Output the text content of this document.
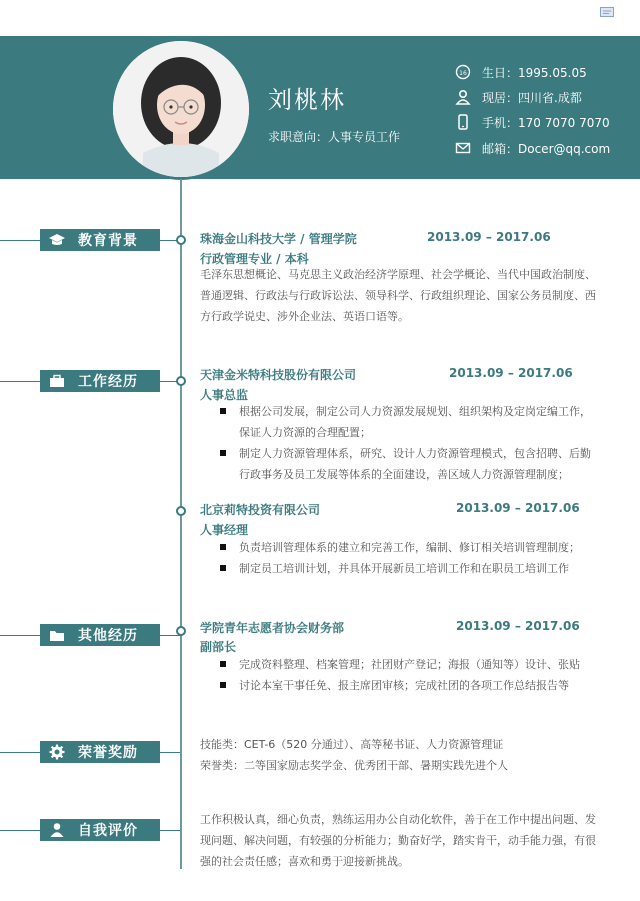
刘桃林
求职意向：人事专员工作
16 生日：1995.05.05
现居：四川省.成都
手机：170 7070 7070
邮箱：Docer@qq.com
教育背景	珠海金山科技大学 / 管理学院	2013.09 – 2017.06
行政管理专业 / 本科
毛泽东思想概论、马克思主义政治经济学原理、社会学概论、当代中国政治制度、
普通逻辑、行政法与行政诉讼法、领导科学、行政组织理论、国家公务员制度、西
方行政学说史、涉外企业法、英语口语等。
工作经历	天津金米特科技股份有限公司	2013.09 – 2017.06
人事总监
根据公司发展，制定公司人力资源发展规划、组织架构及定岗定编工作，
保证人力资源的合理配置；
制定人力资源管理体系，研究、设计人力资源管理模式，包含招聘、后勤
行政事务及员工发展等体系的全面建设，善区域人力资源管理制度；
北京莉特投资有限公司	2013.09 – 2017.06
人事经理
负责培训管理体系的建立和完善工作，编制、修订相关培训管理制度；
制定员工培训计划，并具体开展新员工培训工作和在职员工培训工作
其他经历	学院青年志愿者协会财务部	2013.09 – 2017.06
副部长
完成资料整理、档案管理；社团财产登记；海报（通知等）设计、张贴
讨论本室干事任免、报主席团审核；完成社团的各项工作总结报告等
荣誉奖励
技能类：CET-6（520 分通过）、高等秘书证、人力资源管理证
荣誉类：二等国家励志奖学金、优秀团干部、暑期实践先进个人
自我评价
工作积极认真，细心负责，熟练运用办公自动化软件，善于在工作中提出问题、发
现问题、解决问题，有较强的分析能力；勤奋好学，踏实肯干，动手能力强，有很
强的社会责任感；喜欢和勇于迎接新挑战。
